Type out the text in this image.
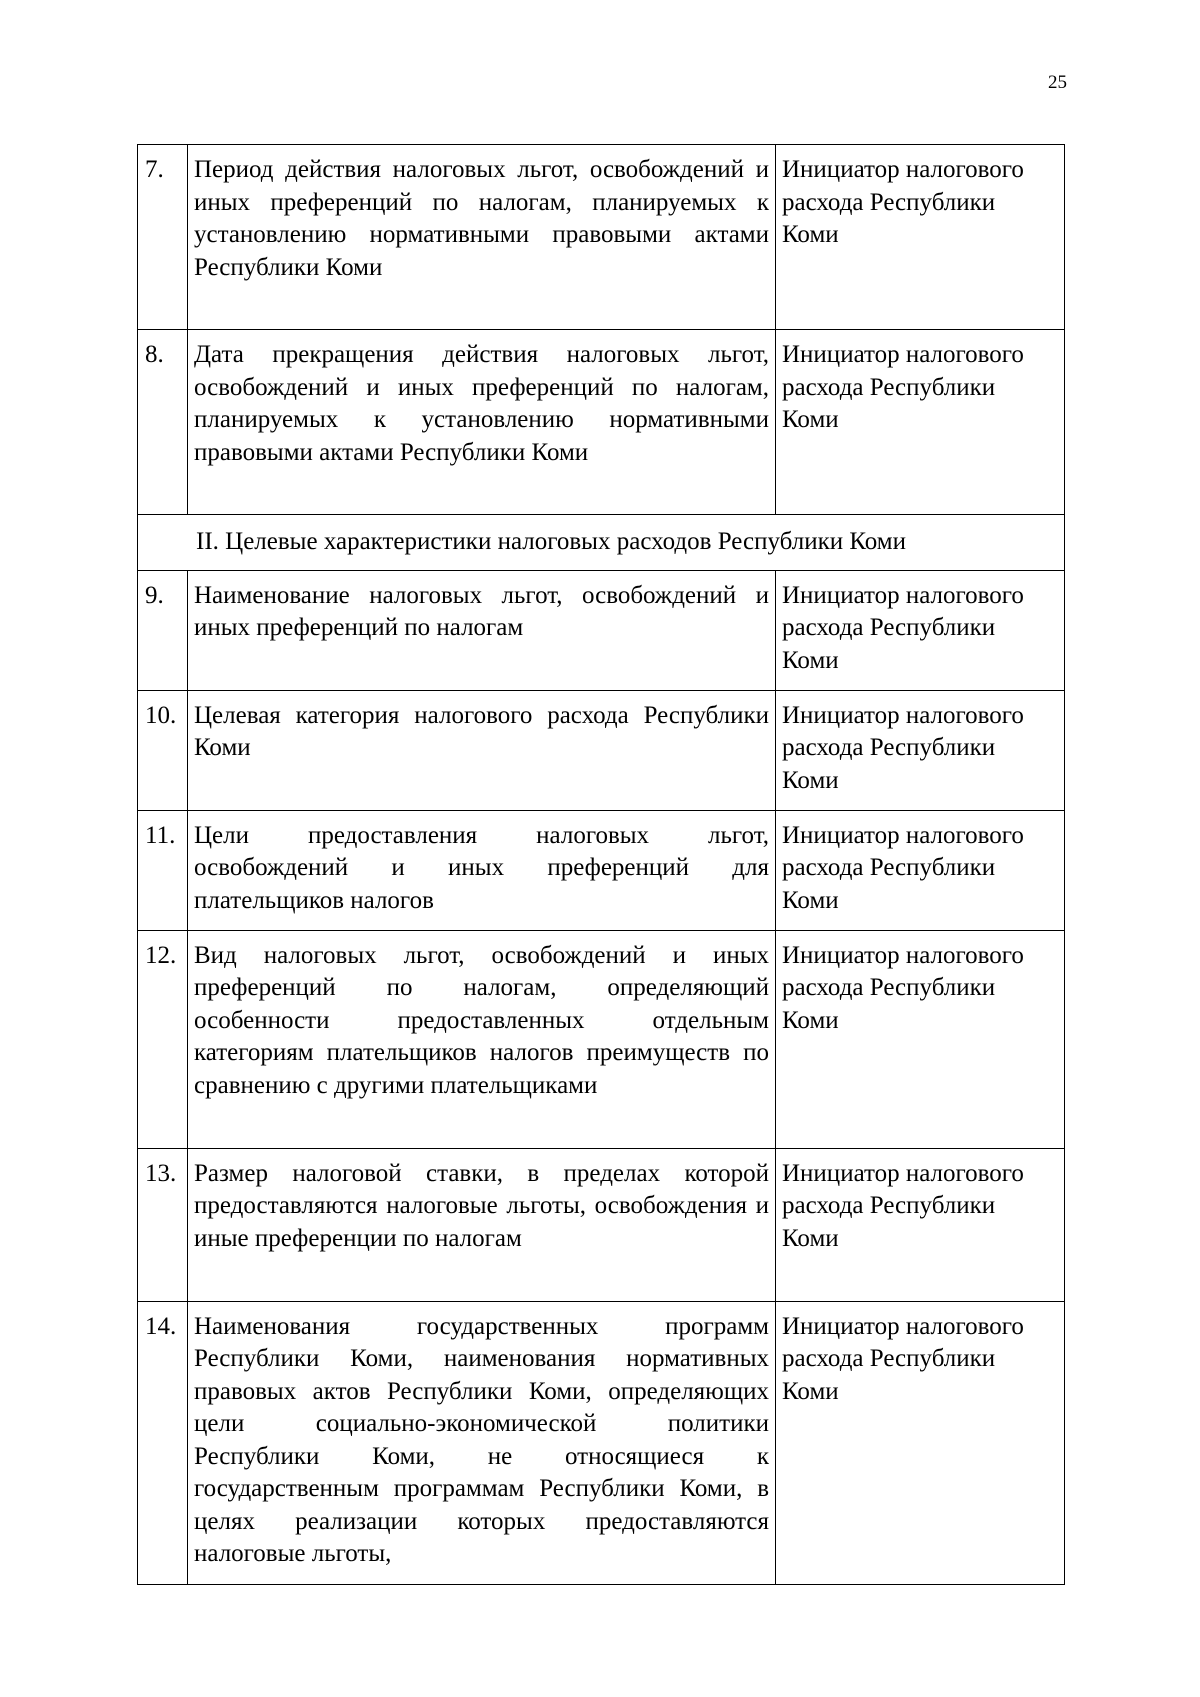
25
7.	Период действия налоговых льгот, освобождений и иных преференций по налогам, планируемых к установлению нормативными правовыми актами Республики Коми	Инициатор налогового расхода Республики Коми
8.	Дата прекращения действия налоговых льгот, освобождений и иных преференций по налогам, планируемых к установлению нормативными правовыми актами Республики Коми	Инициатор налогового расхода Республики Коми
II. Целевые характеристики налоговых расходов Республики Коми		
9.	Наименование налоговых льгот, освобождений и иных преференций по налогам	Инициатор налогового расхода Республики Коми
10.	Целевая категория налогового расхода Республики Коми	Инициатор налогового расхода Республики Коми
11.	Цели предоставления налоговых льгот, освобождений и иных преференций для плательщиков налогов	Инициатор налогового расхода Республики Коми
12.	Вид налоговых льгот, освобождений и иных преференций по налогам, определяющий особенности предоставленных отдельным категориям плательщиков налогов преимуществ по сравнению с другими плательщиками	Инициатор налогового расхода Республики Коми
13.	Размер налоговой ставки, в пределах которой предоставляются налоговые льготы, освобождения и иные преференции по налогам	Инициатор налогового расхода Республики Коми
14.	Наименования государственных программ Республики Коми, наименования нормативных правовых актов Республики Коми, определяющих цели социально-экономической политики Республики Коми, не относящиеся к государственным программам Республики Коми, в целях реализации которых предоставляются налоговые льготы,	Инициатор налогового расхода Республики Коми
